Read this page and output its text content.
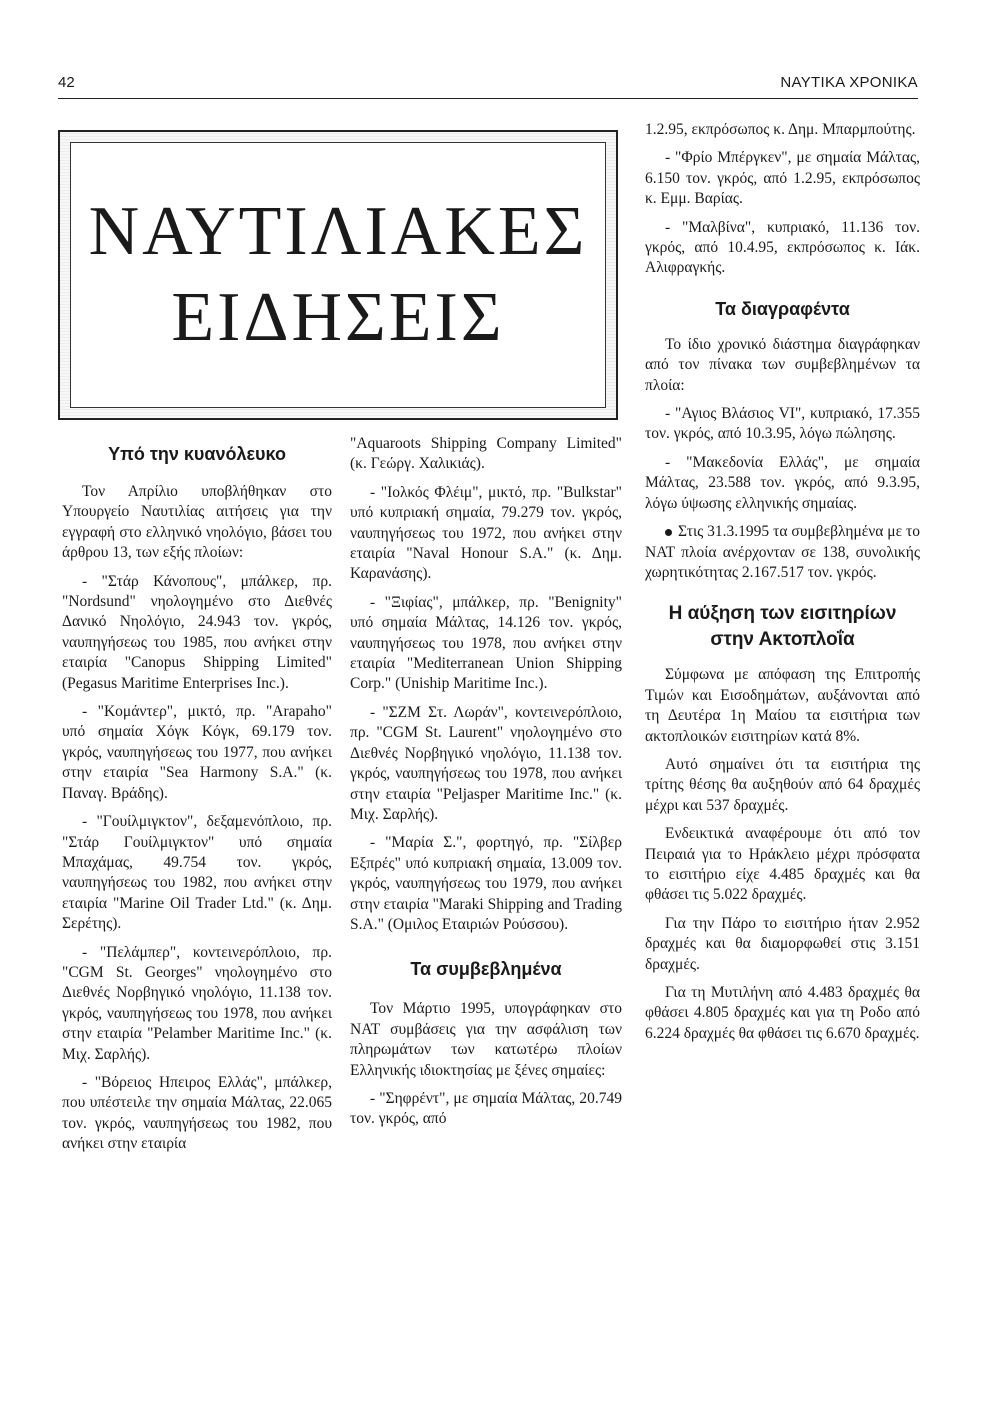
42	ΝΑΥΤΙΚΑ ΧΡΟΝΙΚΑ
ΝΑΥΤΙΛΙΑΚΕΣ
ΕΙΔΗΣΕΙΣ
Υπό την κυανόλευκο

Τον Απρίλιο υποβλήθηκαν στο Υπουργείο Ναυτιλίας αιτήσεις για την εγγραφή στο ελληνικό νηολόγιο, βάσει του άρθρου 13, των εξής πλοίων:

- "Στάρ Κάνοπους", μπάλκερ, πρ. "Nordsund" νηολογημένο στο Διεθνές Δανικό Νηολόγιο, 24.943 τον. γκρός, ναυπηγήσεως του 1985, που ανήκει στην εταιρία "Canopus Shipping Limited" (Pegasus Maritime Enterprises Inc.).

- "Κομάντερ", μικτό, πρ. "Arapaho" υπό σημαία Χόγκ Κόγκ, 69.179 τον. γκρός, ναυπηγήσεως του 1977, που ανήκει στην εταιρία "Sea Harmony S.A." (κ. Παναγ. Βράδης).

- "Γουίλμιγκτον", δεξαμενόπλοιο, πρ. "Στάρ Γουίλμιγκτον" υπό σημαία Μπαχάμας, 49.754 τον. γκρός, ναυπηγήσεως του 1982, που ανήκει στην εταιρία "Marine Oil Trader Ltd." (κ. Δημ. Σερέτης).

- "Πελάμπερ", κοντεινερόπλοιο, πρ. "CGM St. Georges" νηολογημένο στο Διεθνές Νορβηγικό νηολόγιο, 11.138 τον. γκρός, ναυπηγήσεως του 1978, που ανήκει στην εταιρία "Pelamber Maritime Inc." (κ. Μιχ. Σαρλής).

- "Βόρειος Ηπειρος Ελλάς", μπάλκερ, που υπέστειλε την σημαία Μάλτας, 22.065 τον. γκρός, ναυπηγήσεως του 1982, που ανήκει στην εταιρία

"Aquaroots Shipping Company Limited" (κ. Γεώργ. Χαλικιάς).

- "Ιολκός Φλέιμ", μικτό, πρ. "Bulkstar" υπό κυπριακή σημαία, 79.279 τον. γκρός, ναυπηγήσεως του 1972, που ανήκει στην εταιρία "Naval Honour S.A." (κ. Δημ. Καρανάσης).

- "Ξιφίας", μπάλκερ, πρ. "Benignity" υπό σημαία Μάλτας, 14.126 τον. γκρός, ναυπηγήσεως του 1978, που ανήκει στην εταιρία "Mediterranean Union Shipping Corp." (Uniship Maritime Inc.).

- "ΣΖΜ Στ. Λωράν", κοντεινερόπλοιο, πρ. "CGM St. Laurent" νηολογημένο στο Διεθνές Νορβηγικό νηολόγιο, 11.138 τον. γκρός, ναυπηγήσεως του 1978, που ανήκει στην εταιρία "Peljasper Maritime Inc." (κ. Μιχ. Σαρλής).

- "Μαρία Σ.", φορτηγό, πρ. "Σίλβερ Εξπρές" υπό κυπριακή σημαία, 13.009 τον. γκρός, ναυπηγήσεως του 1979, που ανήκει στην εταιρία "Maraki Shipping and Trading S.A." (Ομιλος Εταιριών Ρούσσου).

Τα συμβεβλημένα

Τον Μάρτιο 1995, υπογράφηκαν στο ΝΑΤ συμβάσεις για την ασφάλιση των πληρωμάτων των κατωτέρω πλοίων Ελληνικής ιδιοκτησίας με ξένες σημαίες:

- "Σηφρέντ", με σημαία Μάλτας, 20.749 τον. γκρός, από

1.2.95, εκπρόσωπος κ. Δημ. Μπαρμπούτης.

- "Φρίο Μπέργκεν", με σημαία Μάλτας, 6.150 τον. γκρός, από 1.2.95, εκπρόσωπος κ. Εμμ. Βαρίας.

- "Μαλβίνα", κυπριακό, 11.136 τον. γκρός, από 10.4.95, εκπρόσωπος κ. Ιάκ. Αλιφραγκής.

Τα διαγραφέντα

Το ίδιο χρονικό διάστημα διαγράφηκαν από τον πίνακα των συμβεβλημένων τα πλοία:

- "Αγιος Βλάσιος VI", κυπριακό, 17.355 τον. γκρός, από 10.3.95, λόγω πώλησης.

- "Μακεδονία Ελλάς", με σημαία Μάλτας, 23.588 τον. γκρός, από 9.3.95, λόγω ύψωσης ελληνικής σημαίας.

Στις 31.3.1995 τα συμβεβλημένα με το ΝΑΤ πλοία ανέρχονταν σε 138, συνολικής χωρητικότητας 2.167.517 τον. γκρός.

Η αύξηση των εισιτηρίων στην Ακτοπλοΐα

Σύμφωνα με απόφαση της Επιτροπής Τιμών και Εισοδημάτων, αυξάνονται από τη Δευτέρα 1η Μαίου τα εισιτήρια των ακτοπλοικών εισιτηρίων κατά 8%.

Αυτό σημαίνει ότι τα εισιτήρια της τρίτης θέσης θα αυξηθούν από 64 δραχμές μέχρι και 537 δραχμές.

Ενδεικτικά αναφέρουμε ότι από τον Πειραιά για το Ηράκλειο μέχρι πρόσφατα το εισιτήριο είχε 4.485 δραχμές και θα φθάσει τις 5.022 δραχμές.

Για την Πάρο το εισιτήριο ήταν 2.952 δραχμές και θα διαμορφωθεί στις 3.151 δραχμές.

Για τη Μυτιλήνη από 4.483 δραχμές θα φθάσει 4.805 δραχμές και για τη Ροδο από 6.224 δραχμές θα φθάσει τις 6.670 δραχμές.
